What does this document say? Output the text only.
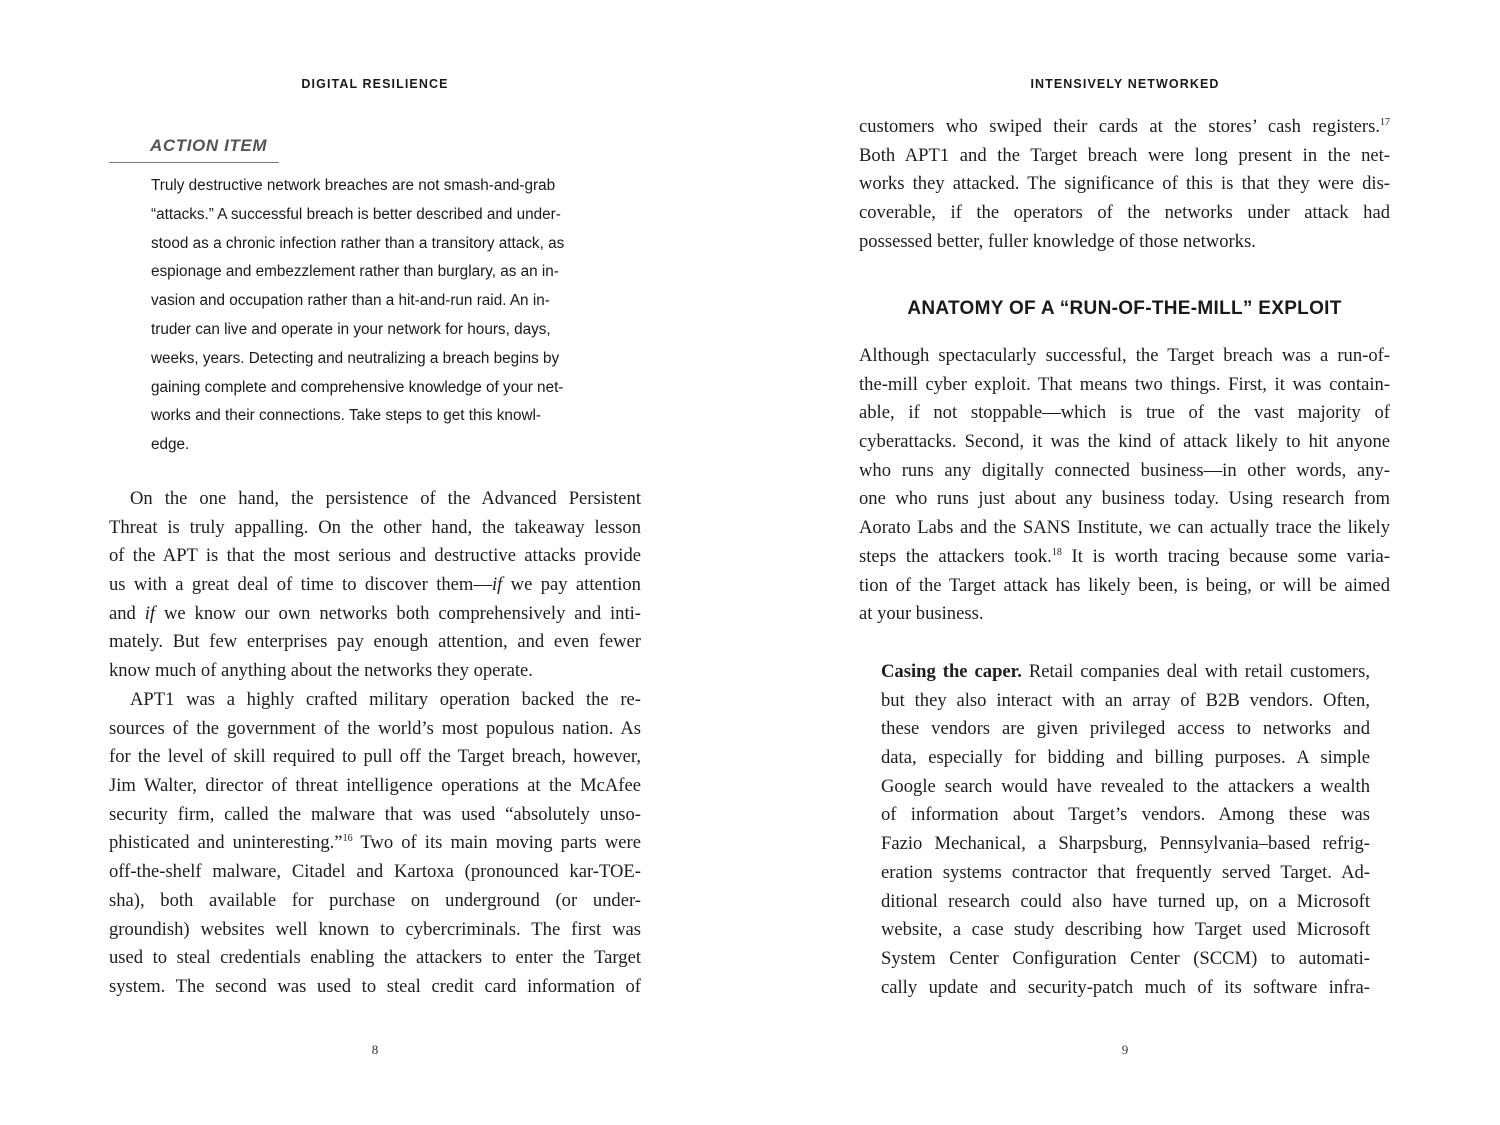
DIGITAL RESILIENCE
ACTION ITEM
Truly destructive network breaches are not smash-and-grab
“attacks.” A successful breach is better described and under-
stood as a chronic infection rather than a transitory attack, as
espionage and embezzlement rather than burglary, as an in-
vasion and occupation rather than a hit-and-run raid. An in-
truder can live and operate in your network for hours, days,
weeks, years. Detecting and neutralizing a breach begins by
gaining complete and comprehensive knowledge of your net-
works and their connections. Take steps to get this knowl-
edge.
On the one hand, the persistence of the Advanced Persistent
Threat is truly appalling. On the other hand, the takeaway lesson
of the APT is that the most serious and destructive attacks provide
us with a great deal of time to discover them—if we pay attention
and if we know our own networks both comprehensively and inti-
mately. But few enterprises pay enough attention, and even fewer
know much of anything about the networks they operate.
APT1 was a highly crafted military operation backed the re-
sources of the government of the world’s most populous nation. As
for the level of skill required to pull off the Target breach, however,
Jim Walter, director of threat intelligence operations at the McAfee
security firm, called the malware that was used “absolutely unso-
phisticated and uninteresting.”$^{16}$ Two of its main moving parts were
off-the-shelf malware, Citadel and Kartoxa (pronounced kar-TOE-
sha), both available for purchase on underground (or under-
groundish) websites well known to cybercriminals. The first was
used to steal credentials enabling the attackers to enter the Target
system. The second was used to steal credit card information of
8
INTENSIVELY NETWORKED
customers who swiped their cards at the stores’ cash registers.$^{17}$
Both APT1 and the Target breach were long present in the net-
works they attacked. The significance of this is that they were dis-
coverable, if the operators of the networks under attack had
possessed better, fuller knowledge of those networks.
ANATOMY OF A “RUN-OF-THE-MILL” EXPLOIT
Although spectacularly successful, the Target breach was a run-of-
the-mill cyber exploit. That means two things. First, it was contain-
able, if not stoppable—which is true of the vast majority of
cyberattacks. Second, it was the kind of attack likely to hit anyone
who runs any digitally connected business—in other words, any-
one who runs just about any business today. Using research from
Aorato Labs and the SANS Institute, we can actually trace the likely
steps the attackers took.$^{18}$ It is worth tracing because some varia-
tion of the Target attack has likely been, is being, or will be aimed
at your business.
Casing the caper. Retail companies deal with retail customers,
but they also interact with an array of B2B vendors. Often,
these vendors are given privileged access to networks and
data, especially for bidding and billing purposes. A simple
Google search would have revealed to the attackers a wealth
of information about Target’s vendors. Among these was
Fazio Mechanical, a Sharpsburg, Pennsylvania–based refrig-
eration systems contractor that frequently served Target. Ad-
ditional research could also have turned up, on a Microsoft
website, a case study describing how Target used Microsoft
System Center Configuration Center (SCCM) to automati-
cally update and security-patch much of its software infra-
9
